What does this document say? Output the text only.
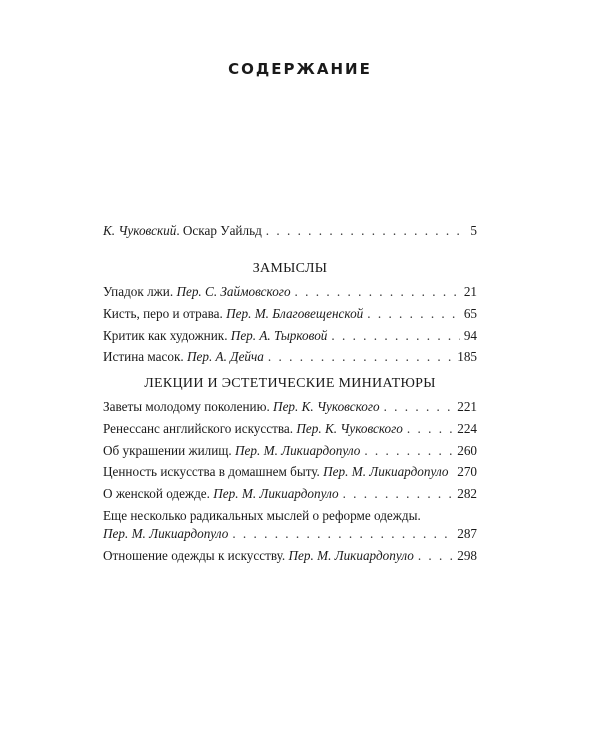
СОДЕРЖАНИЕ
К. Чуковский. Оскар Уайльд . . .	5
ЗАМЫСЛЫ
Упадок лжи. Пер. С. Займовского . . .	21
Кисть, перо и отрава. Пер. М. Благовещенской . . .	65
Критик как художник. Пер. А. Тырковой . . .	94
Истина масок. Пер. А. Дейча . . .	185
ЛЕКЦИИ И ЭСТЕТИЧЕСКИЕ МИНИАТЮРЫ
Заветы молодому поколению. Пер. К. Чуковского . . .	221
Ренессанс английского искусства. Пер. К. Чуковского . . .	224
Об украшении жилищ. Пер. М. Ликиардопуло . . .	260
Ценность искусства в домашнем быту. Пер. М. Ликиардопуло . . . 270
О женской одежде. Пер. М. Ликиардопуло . . .	282
Еще несколько радикальных мыслей о реформе одежды.
Пер. М. Ликиардопуло . . .	287
Отношение одежды к искусству. Пер. М. Ликиардопуло . . .	298
